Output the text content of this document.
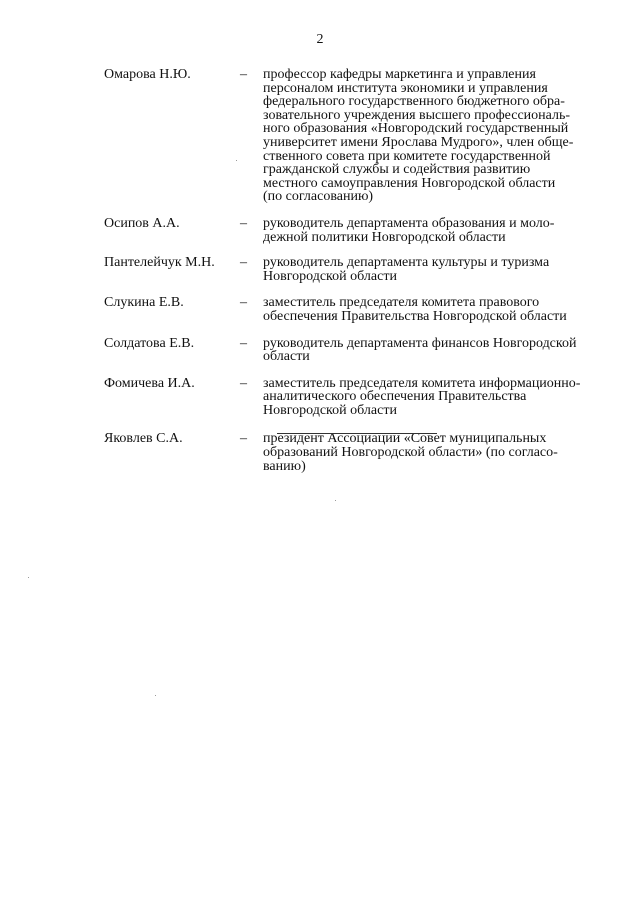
2
Омарова Н.Ю.	– профессор кафедры маркетинга и управления
персоналом института экономики и управления
федерального государственного бюджетного обра-
зовательного учреждения высшего профессиональ-
ного образования «Новгородский государственный
университет имени Ярослава Мудрого», член обще-
ственного совета при комитете государственной
гражданской службы и содействия развитию
местного самоуправления Новгородской области
(по согласованию)
Осипов А.А.	– руководитель департамента образования и моло-
дежной политики Новгородской области
Пантелейчук М.Н. – руководитель департамента культуры и туризма
Новгородской области
Слукина Е.В.	– заместитель председателя комитета правового
обеспечения Правительства Новгородской области
Солдатова Е.В.	– руководитель департамента финансов Новгородской
области
Фомичева И.А.	– заместитель председателя комитета информационно-
аналитического обеспечения Правительства
Новгородской области
Яковлев С.А.	– президент Ассоциации «Совет муниципальных
образований Новгородской области» (по согласо-
ванию)
